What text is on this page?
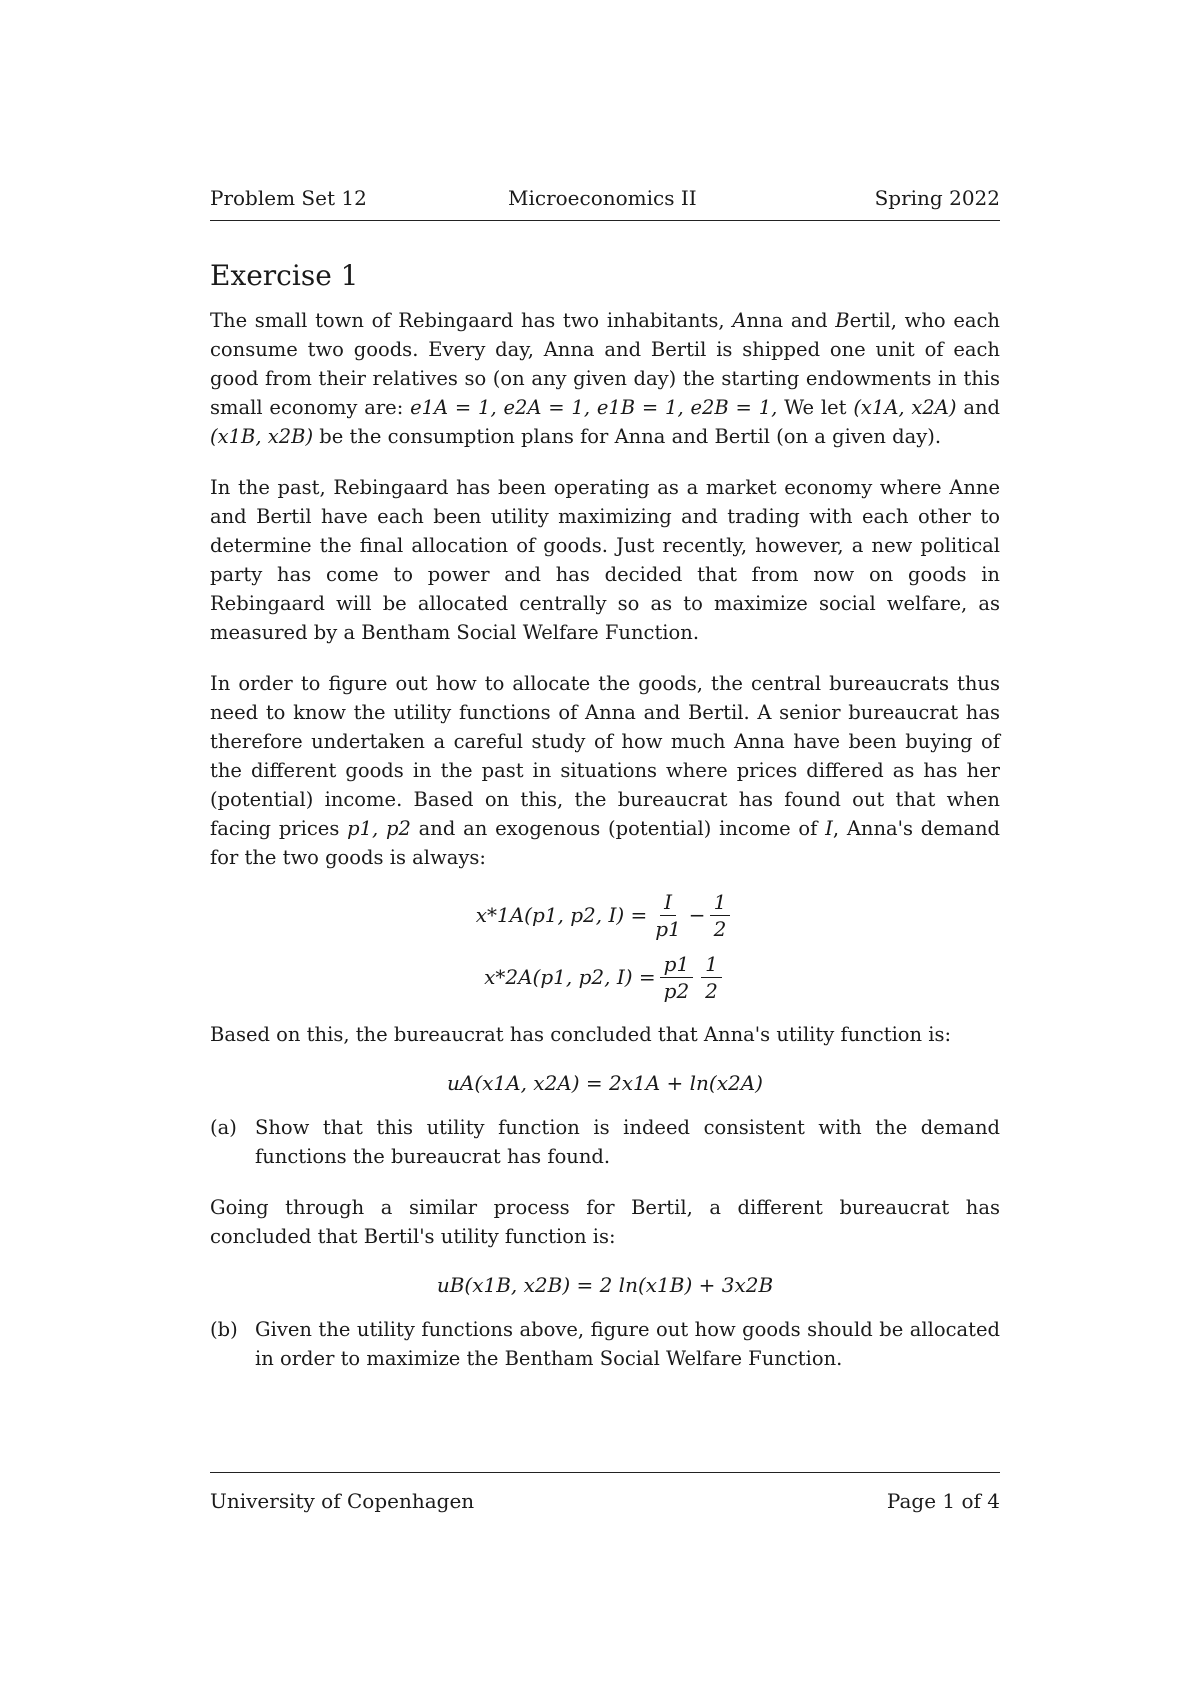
Problem Set 12	Microeconomics II	Spring 2022
Exercise 1
The small town of Rebingaard has two inhabitants, Anna and Bertil, who each consume two goods. Every day, Anna and Bertil is shipped one unit of each good from their relatives so (on any given day) the starting endowments in this small economy are: e1A = 1, e2A = 1, e1B = 1, e2B = 1, We let (x1A, x2A) and (x1B, x2B) be the consumption plans for Anna and Bertil (on a given day).
In the past, Rebingaard has been operating as a market economy where Anne and Bertil have each been utility maximizing and trading with each other to determine the final allocation of goods. Just recently, however, a new political party has come to power and has decided that from now on goods in Rebingaard will be allocated centrally so as to maximize social welfare, as measured by a Bentham Social Welfare Function.
In order to figure out how to allocate the goods, the central bureaucrats thus need to know the utility functions of Anna and Bertil. A senior bureaucrat has therefore undertaken a careful study of how much Anna have been buying of the different goods in the past in situations where prices differed as has her (potential) income. Based on this, the bureaucrat has found out that when facing prices p1, p2 and an exogenous (potential) income of I, Anna's demand for the two goods is always:
x*1A(p1, p2, $I) = \frac{I}{p1} - \frac{1}{2}$
x*2A(p1, p2, $I) = \frac{p1}{p2} \frac{1}{2}$
Based on this, the bureaucrat has concluded that Anna's utility function is:
uA(x1A, x2A) = 2x1A + ln(x2A)
(a) Show that this utility function is indeed consistent with the demand functions the bureaucrat has found.
Going through a similar process for Bertil, a different bureaucrat has concluded that Bertil's utility function is:
uB(x1B, x2B) = 2 ln(x1B) + 3x2B
(b) Given the utility functions above, figure out how goods should be allocated in order to maximize the Bentham Social Welfare Function.
University of Copenhagen	Page 1 of 4
